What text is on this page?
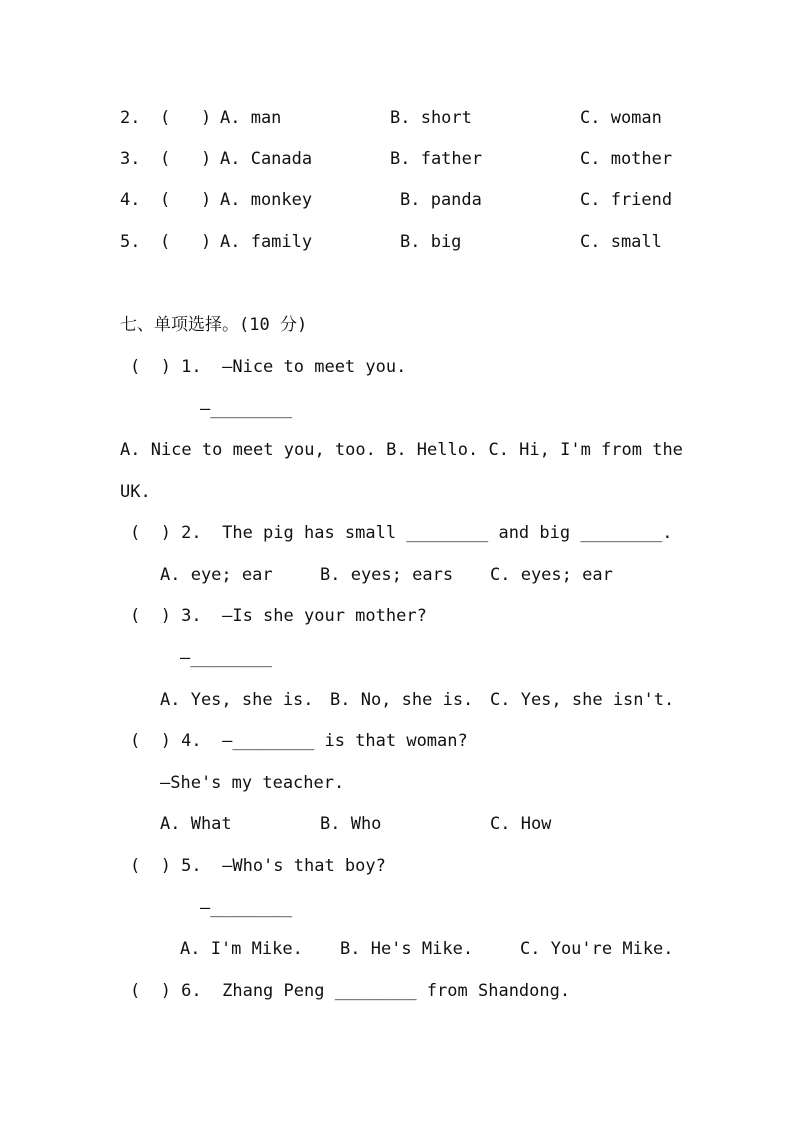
2. (   ) A. man	B. short	C. woman
3. (   ) A. Canada	B. father	C. mother
4. (   ) A. monkey	B. panda	C. friend
5. (   ) A. family	B. big	C. small
七、单项选择。(10 分)
(  ) 1.  —Nice to meet you.
—________
A. Nice to meet you, too. B. Hello. C. Hi, I'm from the
UK.
(  ) 2.  The pig has small ________ and big ________.
A. eye; ear	B. eyes; ears C. eyes; ear
(  ) 3.  —Is she your mother?
—________
A. Yes, she is. B. No, she is. C. Yes, she isn't.
(  ) 4.  —________ is that woman?
—She's my teacher.
A. What	B. Who	C. How
(  ) 5.  —Who's that boy?
—________
A. I'm Mike. B. He's Mike.	C. You're Mike.
(  ) 6.  Zhang Peng ________ from Shandong.
